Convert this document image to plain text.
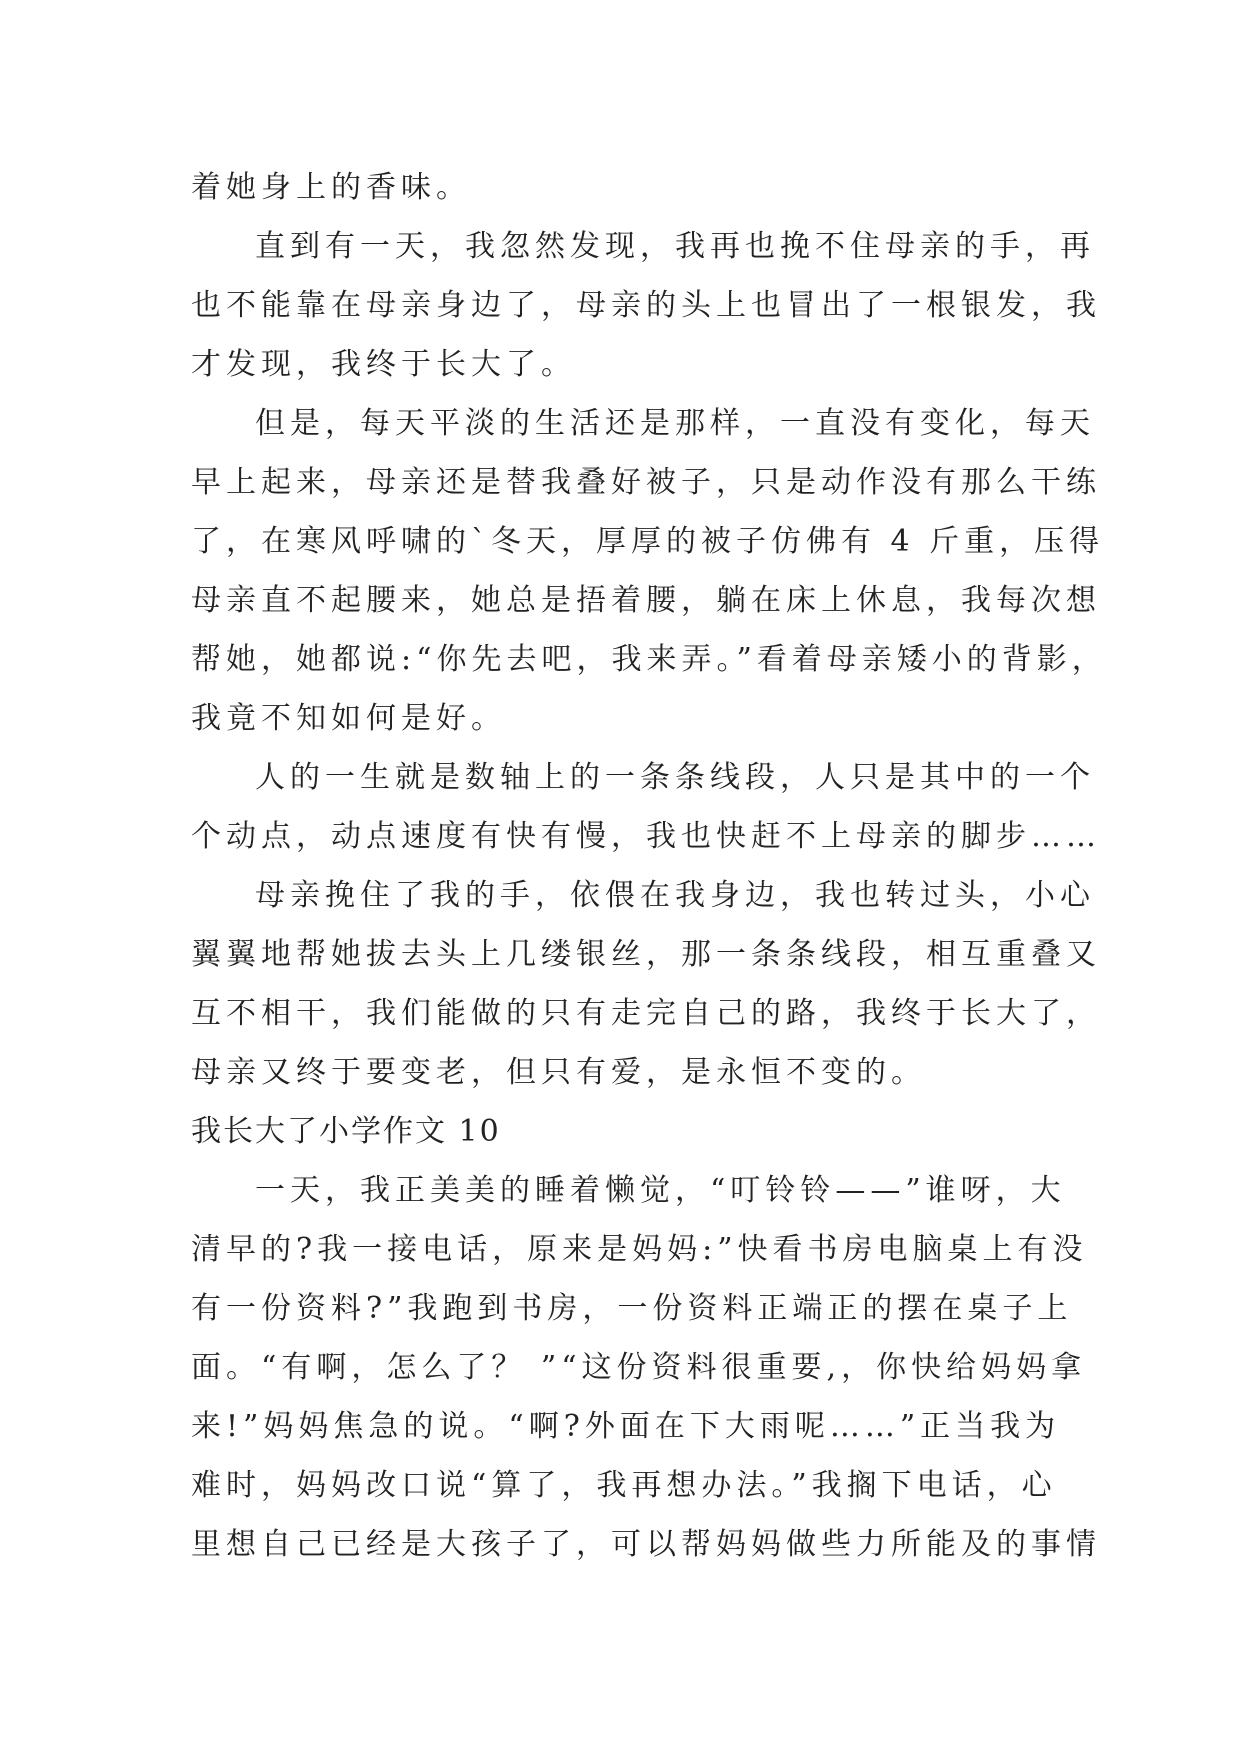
着她身上的香味。
直到有一天，我忽然发现，我再也挽不住母亲的手，再
也不能靠在母亲身边了，母亲的头上也冒出了一根银发，我
才发现，我终于长大了。
但是，每天平淡的生活还是那样，一直没有变化，每天
早上起来，母亲还是替我叠好被子，只是动作没有那么干练
了，在寒风呼啸的`冬天，厚厚的被子仿佛有 4 斤重，压得
母亲直不起腰来，她总是捂着腰，躺在床上休息，我每次想
帮她，她都说:“你先去吧，我来弄。”看着母亲矮小的背影，
我竟不知如何是好。
人的一生就是数轴上的一条条线段，人只是其中的一个
个动点，动点速度有快有慢，我也快赶不上母亲的脚步……
母亲挽住了我的手，依偎在我身边，我也转过头，小心
翼翼地帮她拔去头上几缕银丝，那一条条线段，相互重叠又
互不相干，我们能做的只有走完自己的路，我终于长大了，
母亲又终于要变老，但只有爱，是永恒不变的。
我长大了小学作文 10
一天，我正美美的睡着懒觉，“叮铃铃——”谁呀，大
清早的?我一接电话，原来是妈妈:”快看书房电脑桌上有没
有一份资料?”我跑到书房，一份资料正端正的摆在桌子上
面。“有啊，怎么了？ ”“这份资料很重要,，你快给妈妈拿
来!”妈妈焦急的说。“啊?外面在下大雨呢……”正当我为
难时，妈妈改口说“算了，我再想办法。”我搁下电话，心
里想自己已经是大孩子了，可以帮妈妈做些力所能及的事情
